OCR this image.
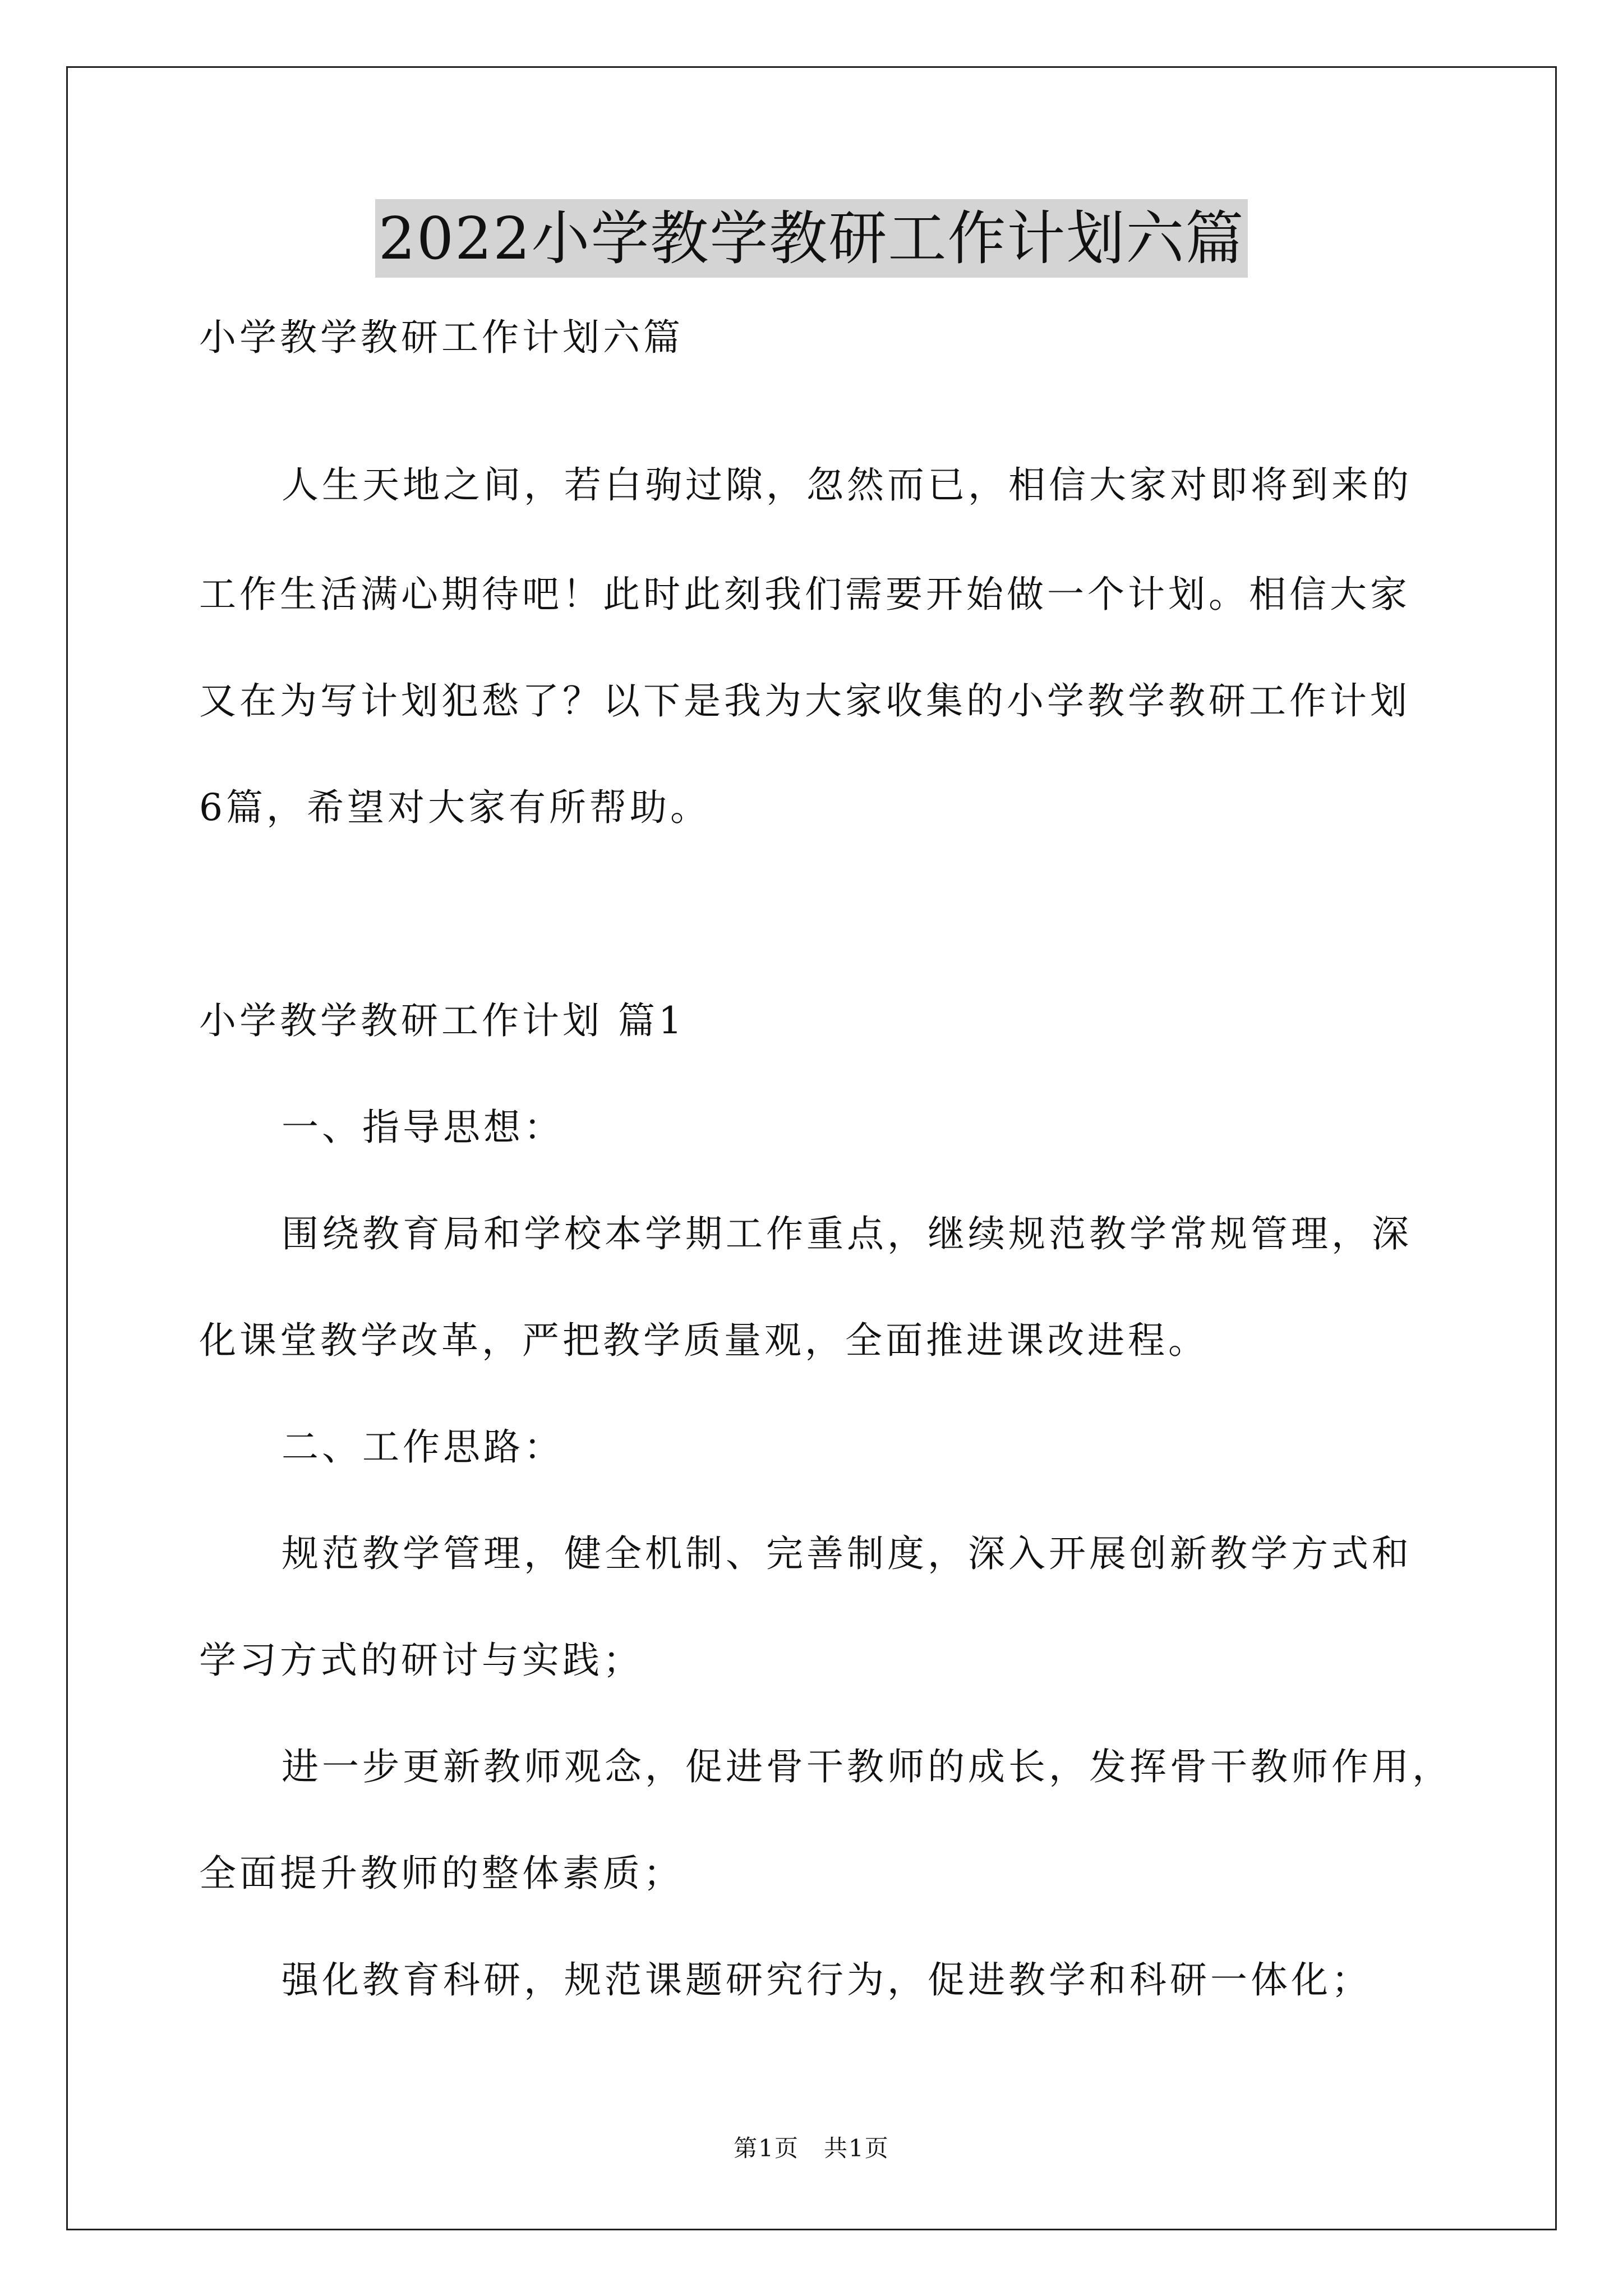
2022小学教学教研工作计划六篇
小学教学教研工作计划六篇
人生天地之间，若白驹过隙，忽然而已，相信大家对即将到来的
工作生活满心期待吧！此时此刻我们需要开始做一个计划。相信大家
又在为写计划犯愁了？以下是我为大家收集的小学教学教研工作计划
6篇，希望对大家有所帮助。
小学教学教研工作计划 篇1
一、指导思想：
围绕教育局和学校本学期工作重点，继续规范教学常规管理，深
化课堂教学改革，严把教学质量观，全面推进课改进程。
二、工作思路：
规范教学管理，健全机制、完善制度，深入开展创新教学方式和
学习方式的研讨与实践；
进一步更新教师观念，促进骨干教师的成长，发挥骨干教师作用，
全面提升教师的整体素质；
强化教育科研，规范课题研究行为，促进教学和科研一体化；
第1页　共1页
